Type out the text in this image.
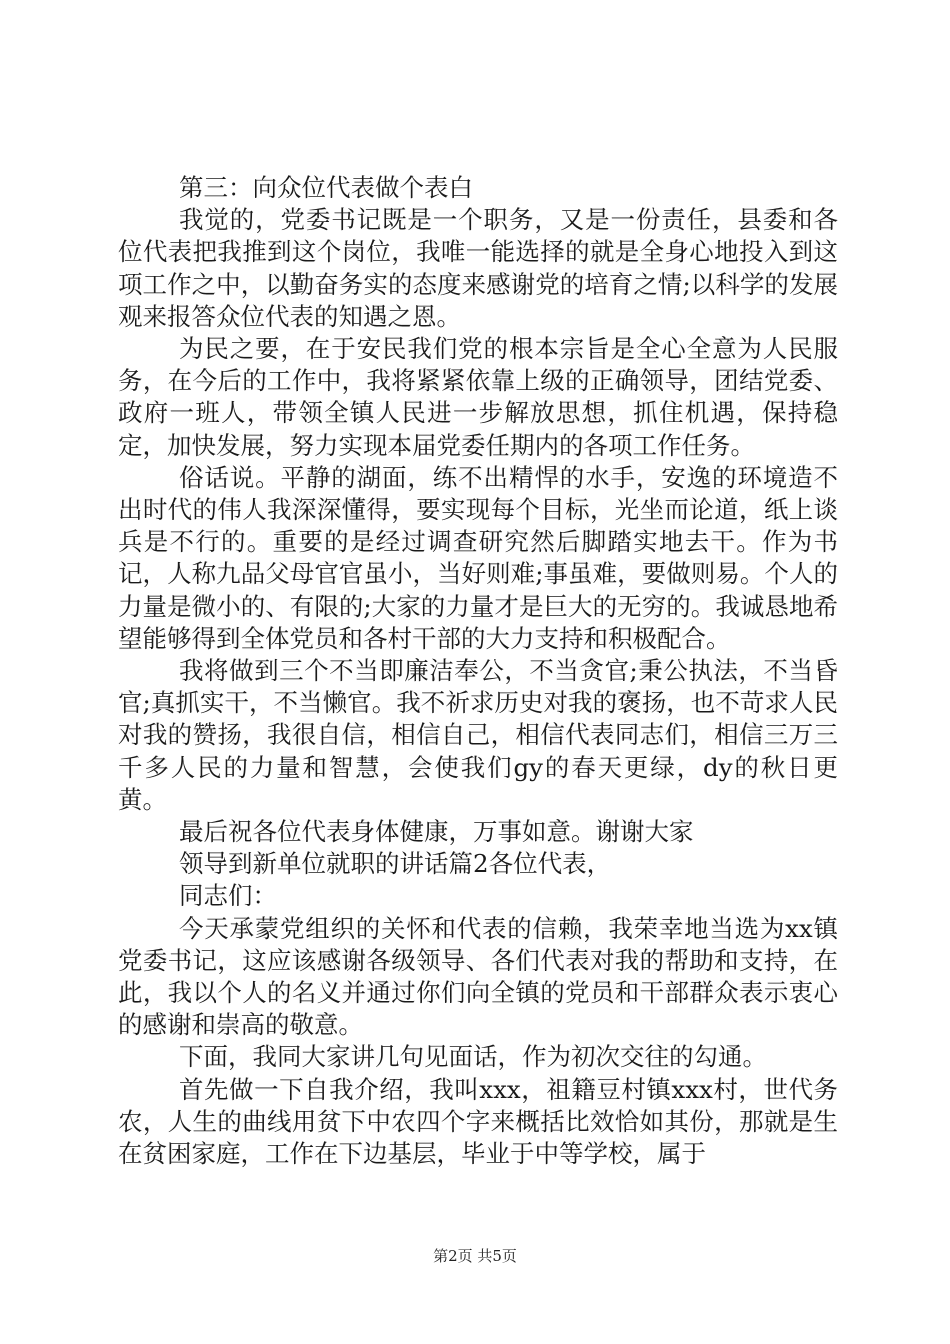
第三：向众位代表做个表白

我觉的，党委书记既是一个职务，又是一份责任，县委和各位代表把我推到这个岗位，我唯一能选择的就是全身心地投入到这项工作之中，以勤奋务实的态度来感谢党的培育之情;以科学的发展观来报答众位代表的知遇之恩。

为民之要，在于安民我们党的根本宗旨是全心全意为人民服务，在今后的工作中，我将紧紧依靠上级的正确领导，团结党委、政府一班人，带领全镇人民进一步解放思想，抓住机遇，保持稳定，加快发展，努力实现本届党委任期内的各项工作任务。

俗话说。平静的湖面，练不出精悍的水手，安逸的环境造不出时代的伟人我深深懂得，要实现每个目标，光坐而论道，纸上谈兵是不行的。重要的是经过调查研究然后脚踏实地去干。作为书记，人称九品父母官官虽小，当好则难;事虽难，要做则易。个人的力量是微小的、有限的;大家的力量才是巨大的无穷的。我诚恳地希望能够得到全体党员和各村干部的大力支持和积极配合。

我将做到三个不当即廉洁奉公，不当贪官;秉公执法，不当昏官;真抓实干，不当懒官。我不祈求历史对我的褒扬，也不苛求人民对我的赞扬，我很自信，相信自己，相信代表同志们，相信三万三千多人民的力量和智慧，会使我们gy的春天更绿，dy的秋日更黄。

最后祝各位代表身体健康，万事如意。谢谢大家

领导到新单位就职的讲话篇2各位代表，

同志们：

今天承蒙党组织的关怀和代表的信赖，我荣幸地当选为xx镇党委书记，这应该感谢各级领导、各们代表对我的帮助和支持，在此，我以个人的名义并通过你们向全镇的党员和干部群众表示衷心的感谢和崇高的敬意。

下面，我同大家讲几句见面话，作为初次交往的勾通。

首先做一下自我介绍，我叫xxx，祖籍豆村镇xxx村，世代务农，人生的曲线用贫下中农四个字来概括比效恰如其份，那就是生在贫困家庭，工作在下边基层，毕业于中等学校，属于

第2页 共5页
